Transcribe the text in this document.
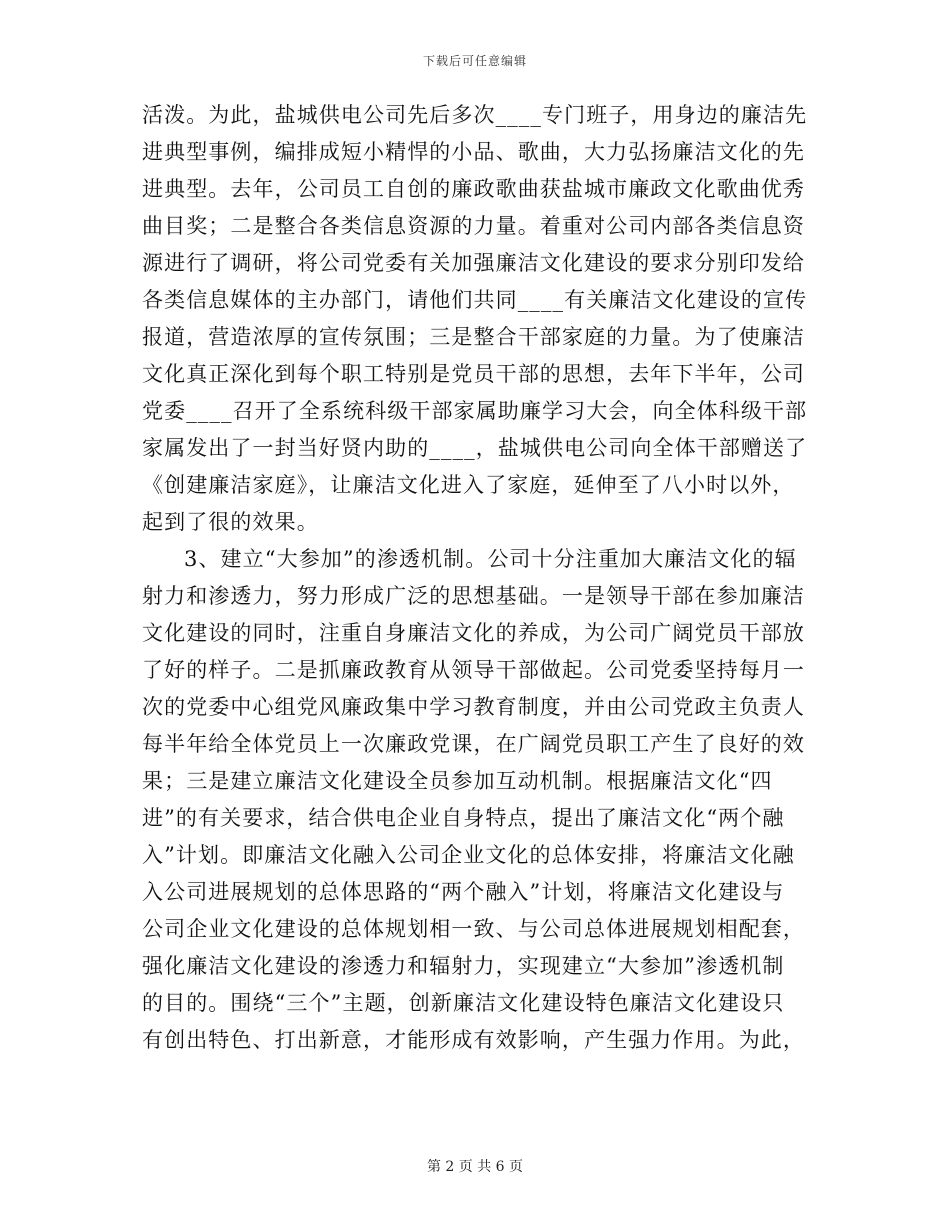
下载后可任意编辑
活泼。为此，盐城供电公司先后多次____专门班子，用身边的廉洁先
进典型事例，编排成短小精悍的小品、歌曲，大力弘扬廉洁文化的先
进典型。去年，公司员工自创的廉政歌曲获盐城市廉政文化歌曲优秀
曲目奖；二是整合各类信息资源的力量。着重对公司内部各类信息资
源进行了调研，将公司党委有关加强廉洁文化建设的要求分别印发给
各类信息媒体的主办部门，请他们共同____有关廉洁文化建设的宣传
报道，营造浓厚的宣传氛围；三是整合干部家庭的力量。为了使廉洁
文化真正深化到每个职工特别是党员干部的思想，去年下半年，公司
党委____召开了全系统科级干部家属助廉学习大会，向全体科级干部
家属发出了一封当好贤内助的____，盐城供电公司向全体干部赠送了
《创建廉洁家庭》，让廉洁文化进入了家庭，延伸至了八小时以外，
起到了很的效果。
3、建立“大参加”的渗透机制。公司十分注重加大廉洁文化的辐
射力和渗透力，努力形成广泛的思想基础。一是领导干部在参加廉洁
文化建设的同时，注重自身廉洁文化的养成，为公司广阔党员干部放
了好的样子。二是抓廉政教育从领导干部做起。公司党委坚持每月一
次的党委中心组党风廉政集中学习教育制度，并由公司党政主负责人
每半年给全体党员上一次廉政党课，在广阔党员职工产生了良好的效
果；三是建立廉洁文化建设全员参加互动机制。根据廉洁文化“四
进”的有关要求，结合供电企业自身特点，提出了廉洁文化“两个融
入”计划。即廉洁文化融入公司企业文化的总体安排，将廉洁文化融
入公司进展规划的总体思路的“两个融入”计划，将廉洁文化建设与
公司企业文化建设的总体规划相一致、与公司总体进展规划相配套，
强化廉洁文化建设的渗透力和辐射力，实现建立“大参加”渗透机制
的目的。围绕“三个”主题，创新廉洁文化建设特色廉洁文化建设只
有创出特色、打出新意，才能形成有效影响，产生强力作用。为此，
第 2 页 共 6 页
